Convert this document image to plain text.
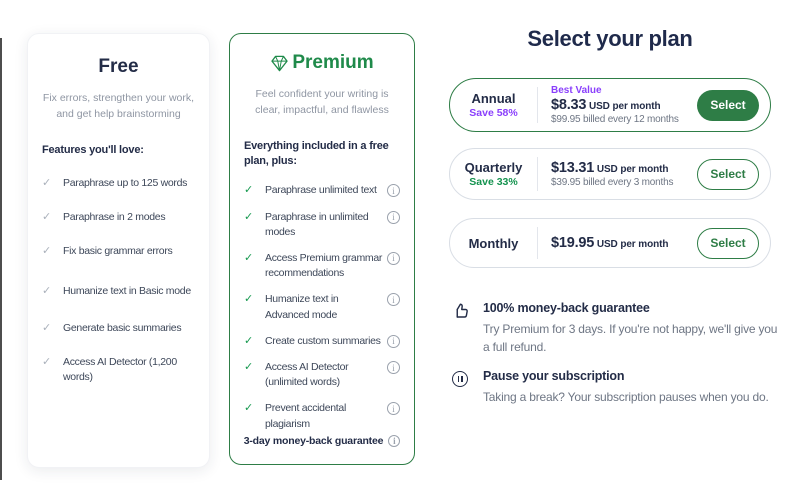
Free

Fix errors, strengthen your work, and get help brainstorming

Features you'll love:
✓
Paraphrase up to 125 words
✓
Paraphrase in 2 modes
✓
Fix basic grammar errors
✓
Humanize text in Basic mode
✓
Generate basic summaries
✓
Access AI Detector (1,200 words)
Premium

Feel confident your writing is clear, impactful, and flawless

Everything included in a free plan, plus:
✓
Paraphrase unlimited text
i
✓
Paraphrase in unlimited modes
i
✓
Access Premium grammar recommendations
i
✓
Humanize text in Advanced mode
i
✓
Create custom summaries
i
✓
Access AI Detector (unlimited words)
i
✓
Prevent accidental plagiarism
i
3-day money-back guarantee
i
Select your plan
Annual
Save 58%
Best Value
$8.33 USD per month
$99.95 billed every 12 months
Select
Quarterly
Save 33%
$13.31 USD per month
$39.95 billed every 3 months
Select
Monthly	$19.95 USD per month	Select
100% money-back guarantee
Try Premium for 3 days. If you're not happy, we'll give you a full refund.
Pause your subscription
Taking a break? Your subscription pauses when you do.
